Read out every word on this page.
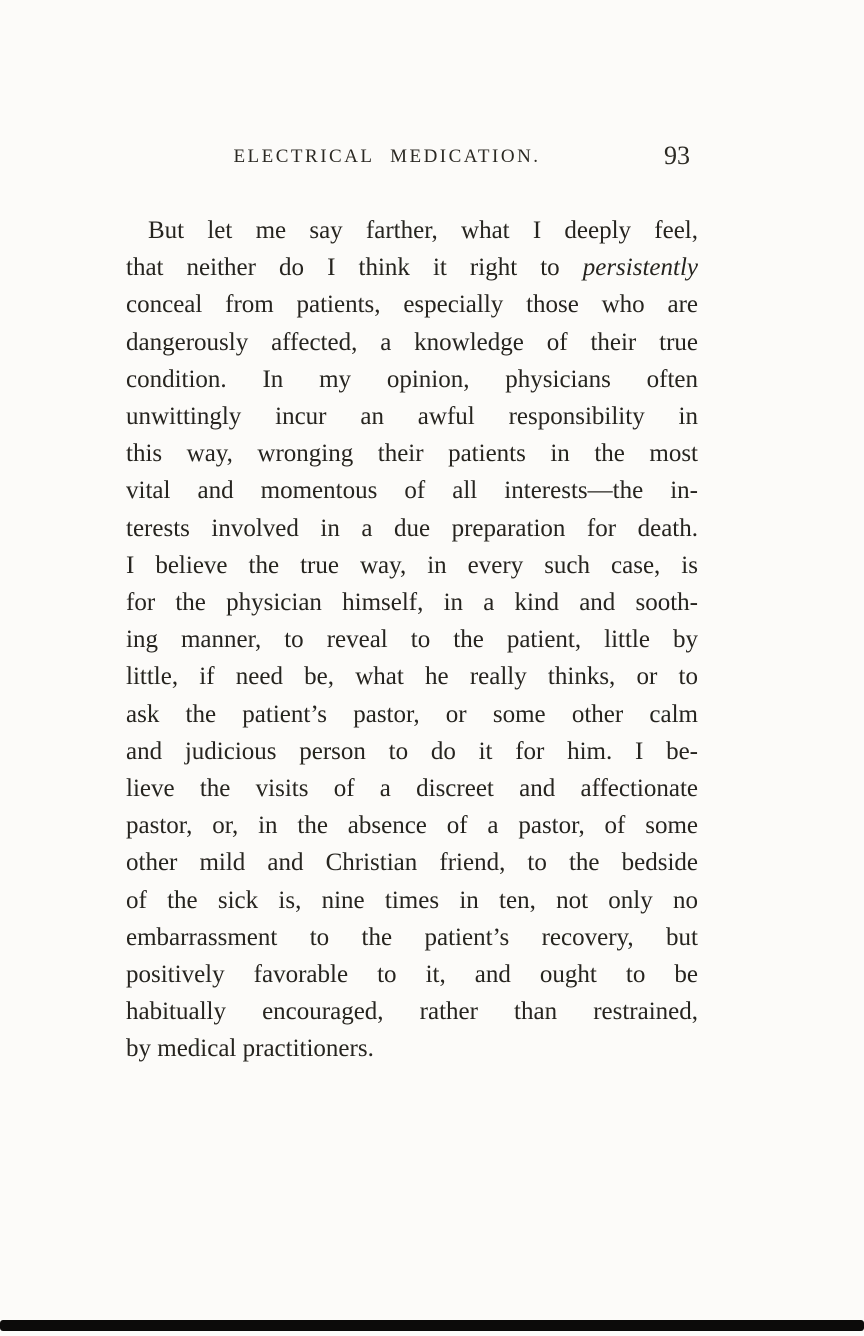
ELECTRICAL MEDICATION.	93
But let me say farther, what I deeply feel,
that neither do I think it right to persistently
conceal from patients, especially those who are
dangerously affected, a knowledge of their true
condition. In my opinion, physicians often
unwittingly incur an awful responsibility in
this way, wronging their patients in the most
vital and momentous of all interests—the in-
terests involved in a due preparation for death.
I believe the true way, in every such case, is
for the physician himself, in a kind and sooth-
ing manner, to reveal to the patient, little by
little, if need be, what he really thinks, or to
ask the patient’s pastor, or some other calm
and judicious person to do it for him. I be-
lieve the visits of a discreet and affectionate
pastor, or, in the absence of a pastor, of some
other mild and Christian friend, to the bedside
of the sick is, nine times in ten, not only no
embarrassment to the patient’s recovery, but
positively favorable to it, and ought to be
habitually encouraged, rather than restrained,
by medical practitioners.
